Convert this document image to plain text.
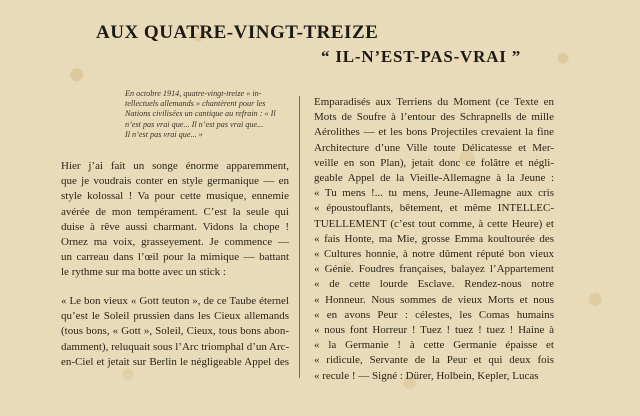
AUX QUATRE-VINGT-TREIZE
“ IL-N’EST-PAS-VRAI ”

En octobre 1914, quatre-vingt-treize « in-
tellectuels allemands » chantèrent pour les
Nations civilisées un cantique au refrain : « Il
n’est pas vrai que... Il n’est pas vrai que...
Il n’est pas vrai que... »

Hier j’ai fait un songe énorme apparemment,
que je voudrais conter en style germanique — en
style kolossal ! Va pour cette musique, ennemie
avérée de mon tempérament. C’est la seule qui
duise à rêve aussi charmant. Vidons la chope !
Ornez ma voix, grasseyement. Je commence —
un carreau dans l’œil pour la mimique — battant
le rythme sur ma botte avec un stick :

« Le bon vieux « Gott teuton », de ce Taube éternel
qu’est le Soleil prussien dans les Cieux allemands
(tous bons, « Gott », Soleil, Cieux, tous bons abon-
damment), reluquait sous l’Arc triomphal d’un Arc-
en-Ciel et jetait sur Berlin le négligeable Appel des

Emparadisés aux Terriens du Moment (ce Texte en
Mots de Soufre à l’entour des Schrapnells de mille
Aérolithes — et les bons Projectiles crevaient la fine
Architecture d’une Ville toute Délicatesse et Mer-
veille en son Plan), jetait donc ce folâtre et négli-
geable Appel de la Vieille-Allemagne à la Jeune :
« Tu mens !... tu mens, Jeune-Allemagne aux cris
« époustouflants, bêtement, et même INTELLEC-
TUELLEMENT (c’est tout comme, à cette Heure) et
« fais Honte, ma Mie, grosse Emma koultourée des
« Cultures honnie, à notre dûment réputé bon vieux
« Génie. Foudres françaises, balayez l’Appartement
« de cette lourde Esclave. Rendez-nous notre
« Honneur. Nous sommes de vieux Morts et nous
« en avons Peur : célestes, les Comas humains
« nous font Horreur ! Tuez ! tuez ! tuez ! Haine à
« la Germanie ! à cette Germanie épaisse et
« ridicule, Servante de la Peur et qui deux fois
« recule ! — Signé : Dürer, Holbein, Kepler, Lucas
